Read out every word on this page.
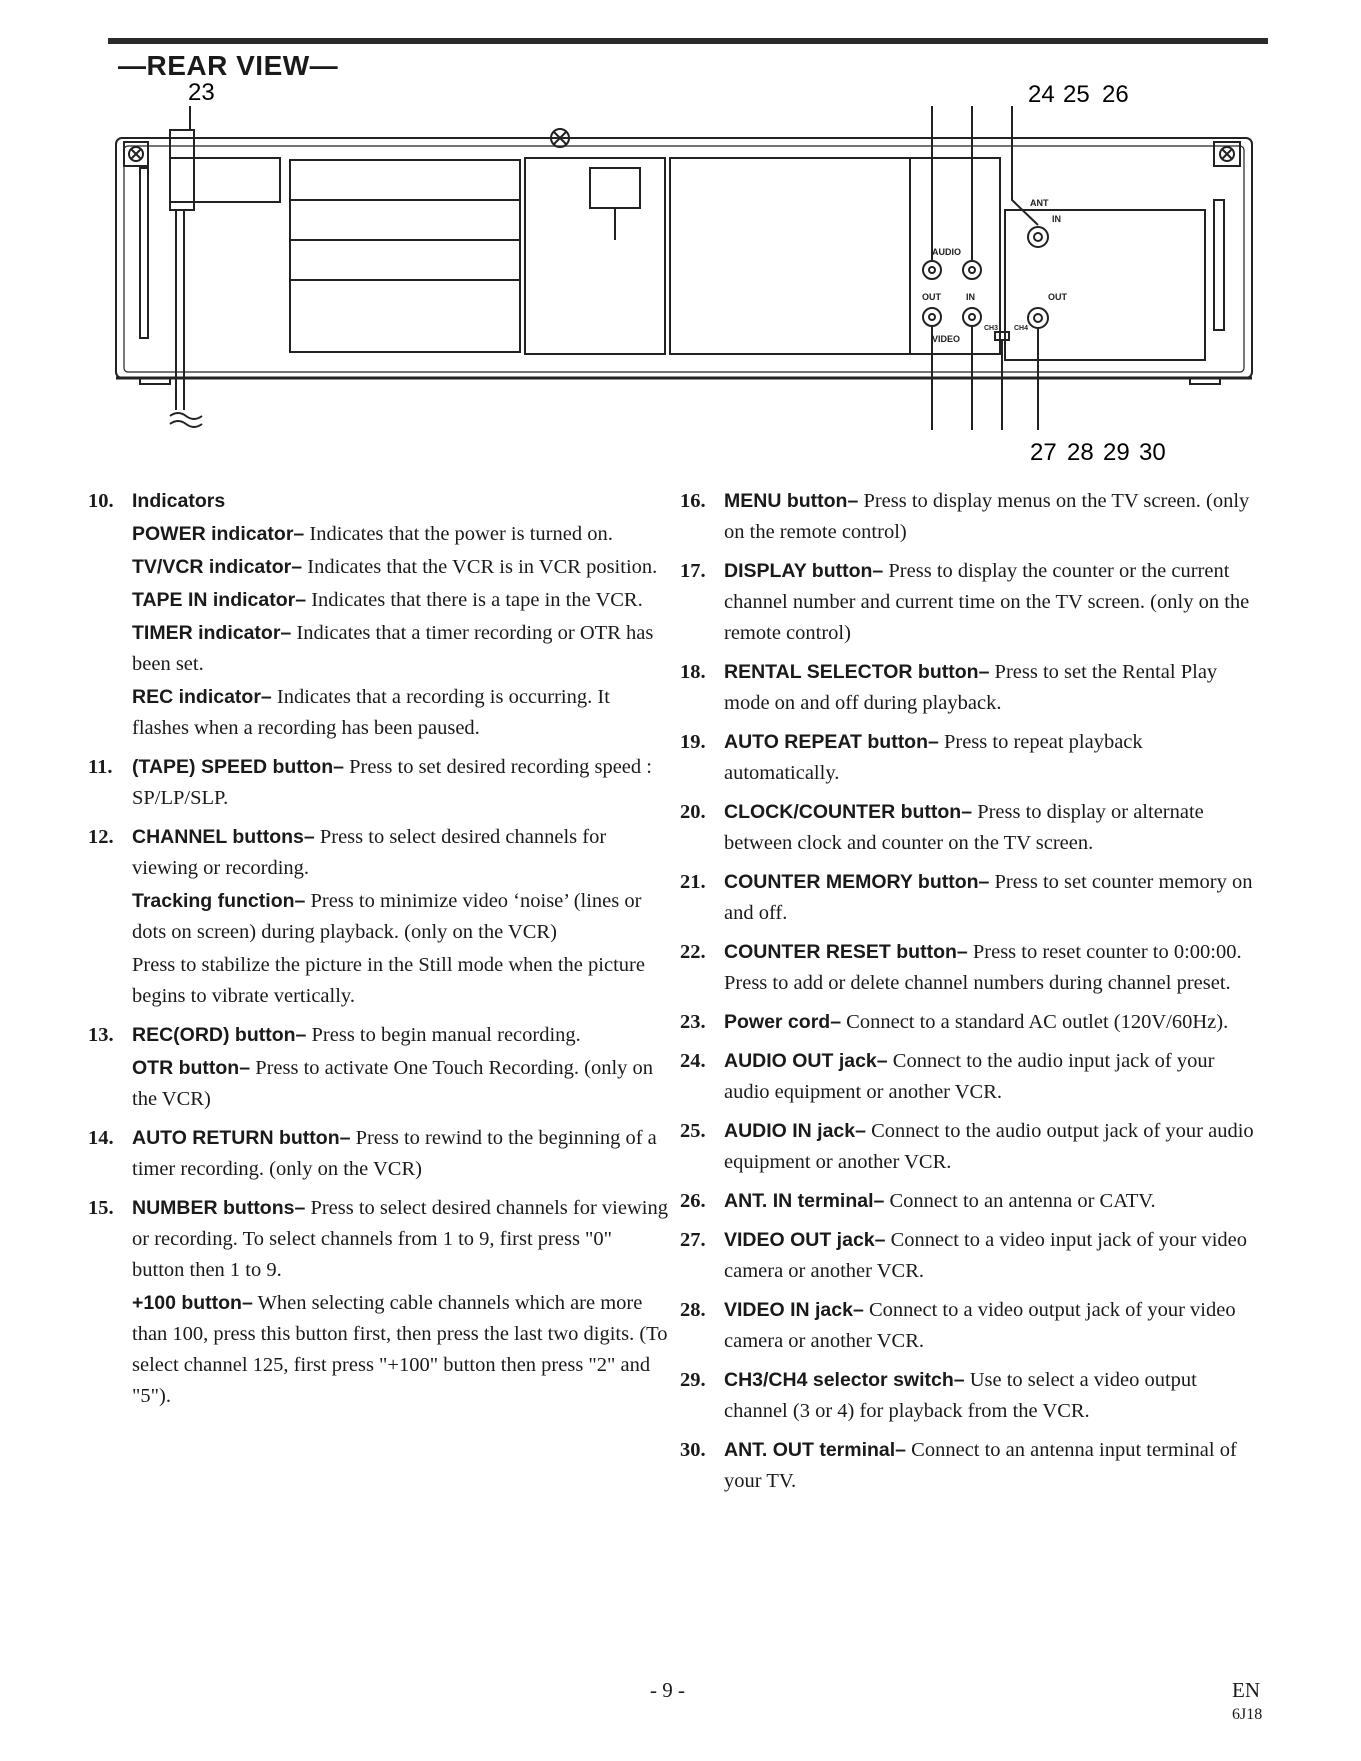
—REAR VIEW—
23	24 25 26
27 28 29 30
ANT
IN
AUDIO
OUT	IN	OUT
VIDEO
CH3 CH4
10. Indicators
POWER indicator– Indicates that the power is turned on.
TV/VCR indicator– Indicates that the VCR is in VCR position.
TAPE IN indicator– Indicates that there is a tape in the VCR.
TIMER indicator– Indicates that a timer recording or OTR has been set.
REC indicator– Indicates that a recording is occurring. It flashes when a recording has been paused.
11. (TAPE) SPEED button– Press to set desired recording speed : SP/LP/SLP.
12. CHANNEL buttons– Press to select desired channels for viewing or recording.
Tracking function– Press to minimize video ‘noise’ (lines or dots on screen) during playback. (only on the VCR)
Press to stabilize the picture in the Still mode when the picture begins to vibrate vertically.
13. REC(ORD) button– Press to begin manual recording.
OTR button– Press to activate One Touch Recording. (only on the VCR)
14. AUTO RETURN button– Press to rewind to the beginning of a timer recording. (only on the VCR)
15. NUMBER buttons– Press to select desired channels for viewing or recording. To select channels from 1 to 9, first press "0" button then 1 to 9.
+100 button– When selecting cable channels which are more than 100, press this button first, then press the last two digits. (To select channel 125, first press "+100" button then press "2" and "5").
16. MENU button– Press to display menus on the TV screen. (only on the remote control)
17. DISPLAY button– Press to display the counter or the current channel number and current time on the TV screen. (only on the remote control)
18. RENTAL SELECTOR button– Press to set the Rental Play mode on and off during playback.
19. AUTO REPEAT button– Press to repeat playback automatically.
20. CLOCK/COUNTER button– Press to display or alternate between clock and counter on the TV screen.
21. COUNTER MEMORY button– Press to set counter memory on and off.
22. COUNTER RESET button– Press to reset counter to 0:00:00. Press to add or delete channel numbers during channel preset.
23. Power cord– Connect to a standard AC outlet (120V/60Hz).
24. AUDIO OUT jack– Connect to the audio input jack of your audio equipment or another VCR.
25. AUDIO IN jack– Connect to the audio output jack of your audio equipment or another VCR.
26. ANT. IN terminal– Connect to an antenna or CATV.
27. VIDEO OUT jack– Connect to a video input jack of your video camera or another VCR.
28. VIDEO IN jack– Connect to a video output jack of your video camera or another VCR.
29. CH3/CH4 selector switch– Use to select a video output channel (3 or 4) for playback from the VCR.
30. ANT. OUT terminal– Connect to an antenna input terminal of your TV.
- 9 -	EN
6J18
